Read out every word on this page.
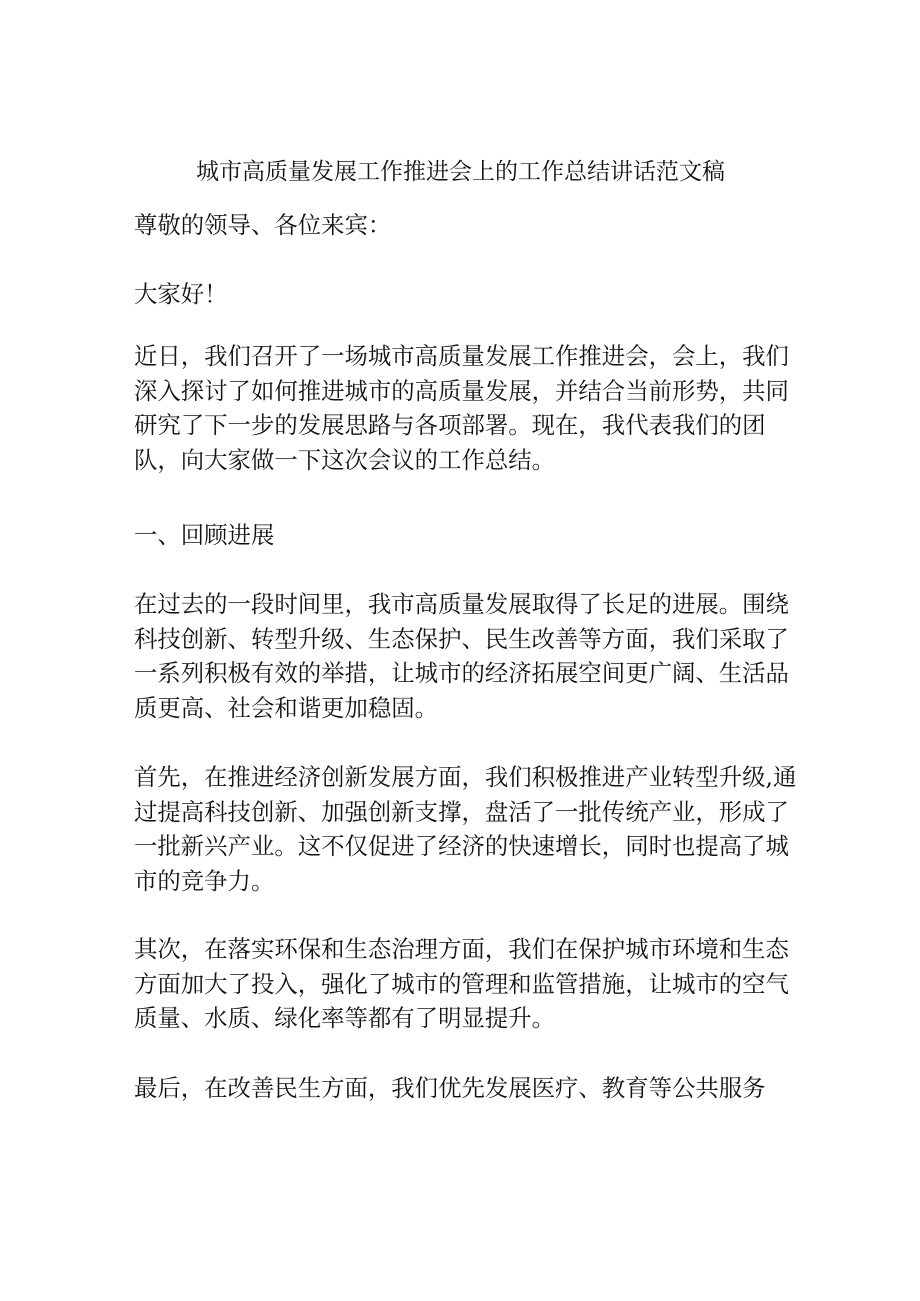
城市高质量发展工作推进会上的工作总结讲话范文稿
尊敬的领导、各位来宾：
大家好！
近日，我们召开了一场城市高质量发展工作推进会，会上，我们
深入探讨了如何推进城市的高质量发展，并结合当前形势，共同
研究了下一步的发展思路与各项部署。现在，我代表我们的团
队，向大家做一下这次会议的工作总结。
一、回顾进展
在过去的一段时间里，我市高质量发展取得了长足的进展。围绕
科技创新、转型升级、生态保护、民生改善等方面，我们采取了
一系列积极有效的举措，让城市的经济拓展空间更广阔、生活品
质更高、社会和谐更加稳固。
首先，在推进经济创新发展方面，我们积极推进产业转型升级,通
过提高科技创新、加强创新支撑，盘活了一批传统产业，形成了
一批新兴产业。这不仅促进了经济的快速增长，同时也提高了城
市的竞争力。
其次，在落实环保和生态治理方面，我们在保护城市环境和生态
方面加大了投入，强化了城市的管理和监管措施，让城市的空气
质量、水质、绿化率等都有了明显提升。
最后，在改善民生方面，我们优先发展医疗、教育等公共服务
